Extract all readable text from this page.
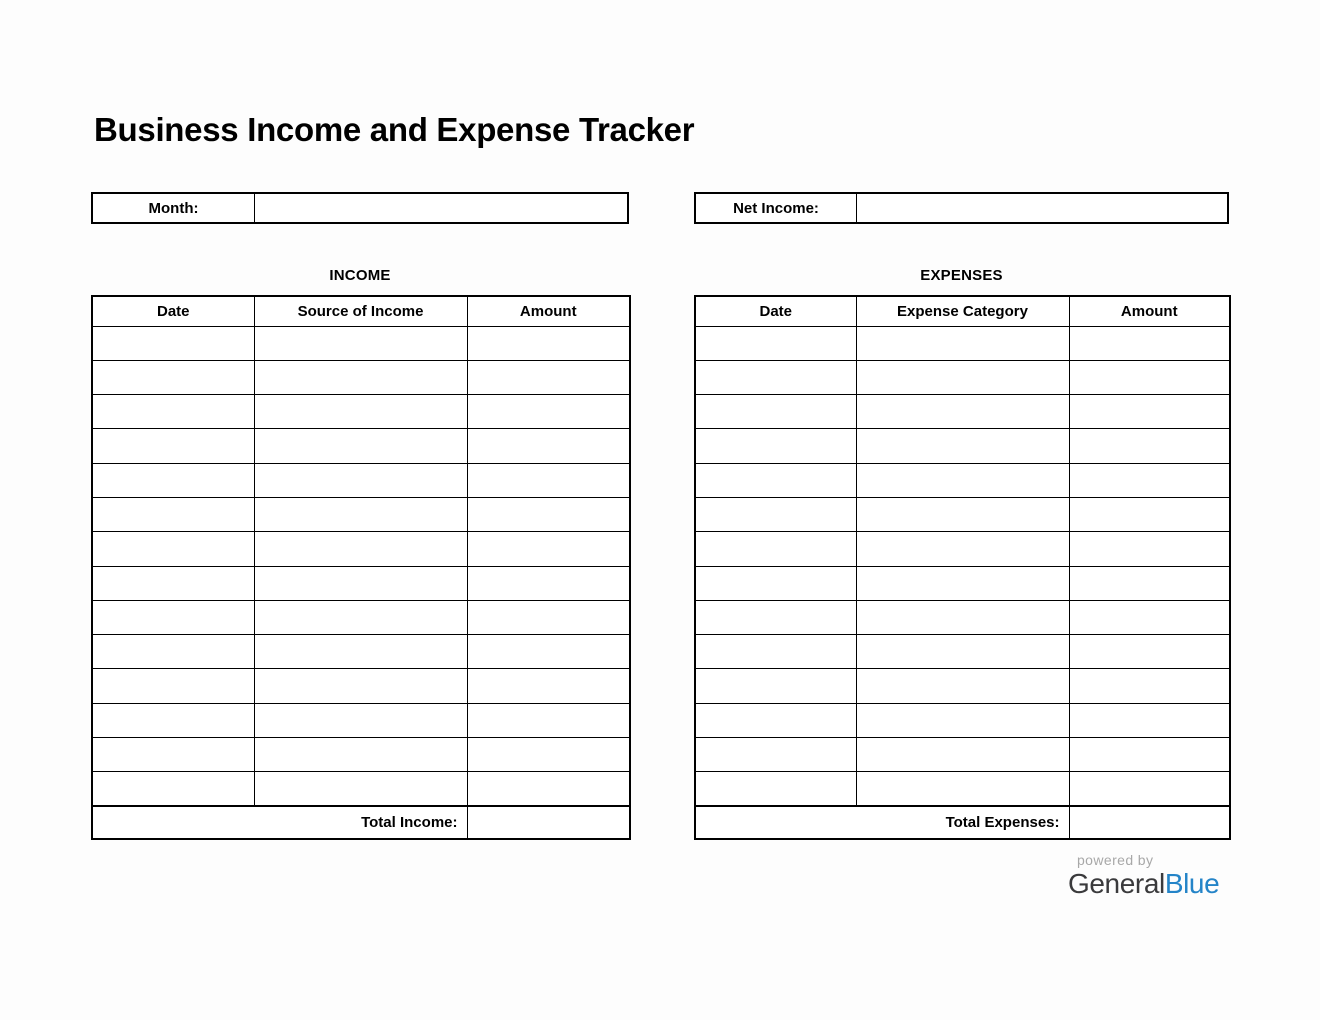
Business Income and Expense Tracker
Month:	Net Income:
INCOME	EXPENSES
Date	Source of Income	Amount

Total Income:		
Date	Expense Category	Amount

Total Expenses:		
powered by
GeneralBlue
